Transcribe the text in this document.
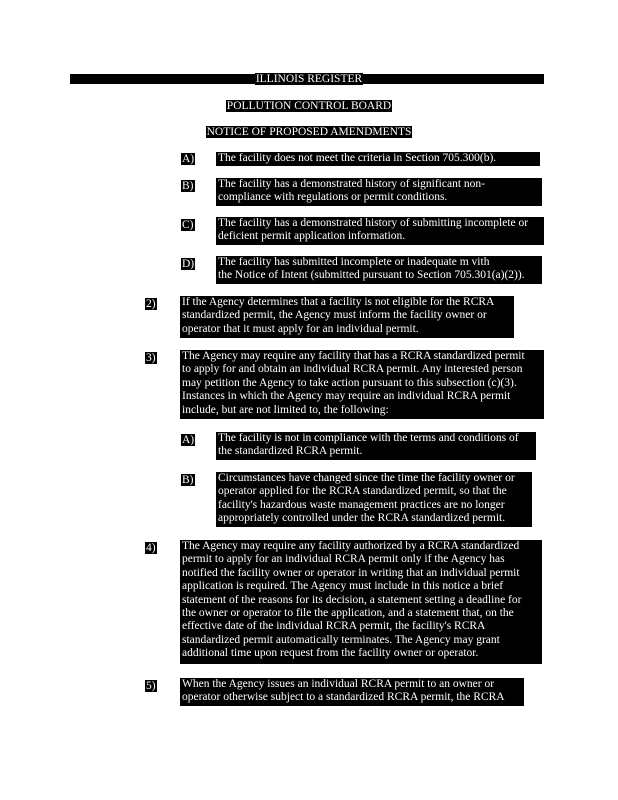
ILLINOIS REGISTER
POLLUTION CONTROL BOARD
NOTICE OF PROPOSED AMENDMENTS
A) The facility does not meet the criteria in Section 705.300(b).

B) The facility has a demonstrated history of significant non-

compliance with regulations or permit conditions.

C) The facility has a demonstrated history of submitting incomplete or

deficient permit application information.

D) The facility has submitted incomplete or inadequate m vith

the Notice of Intent (submitted pursuant to Section 705.301(a)(2)).

2) If the Agency determines that a facility is not eligible for the RCRA

standardized permit, the Agency must inform the facility owner or

operator that it must apply for an individual permit.

3) The Agency may require any facility that has a RCRA standardized permit

to apply for and obtain an individual RCRA permit. Any interested person

may petition the Agency to take action pursuant to this subsection (c)(3).

Instances in which the Agency may require an individual RCRA permit

include, but are not limited to, the following:

A) The facility is not in compliance with the terms and conditions of

the standardized RCRA permit.

B) Circumstances have changed since the time the facility owner or

operator applied for the RCRA standardized permit, so that the

facility's hazardous waste management practices are no longer

appropriately controlled under the RCRA standardized permit.

4) The Agency may require any facility authorized by a RCRA standardized

permit to apply for an individual RCRA permit only if the Agency has

notified the facility owner or operator in writing that an individual permit

application is required. The Agency must include in this notice a brief

statement of the reasons for its decision, a statement setting a deadline for

the owner or operator to file the application, and a statement that, on the

effective date of the individual RCRA permit, the facility's RCRA

standardized permit automatically terminates. The Agency may grant

additional time upon request from the facility owner or operator.

5) When the Agency issues an individual RCRA permit to an owner or

operator otherwise subject to a standardized RCRA permit, the RCRA
